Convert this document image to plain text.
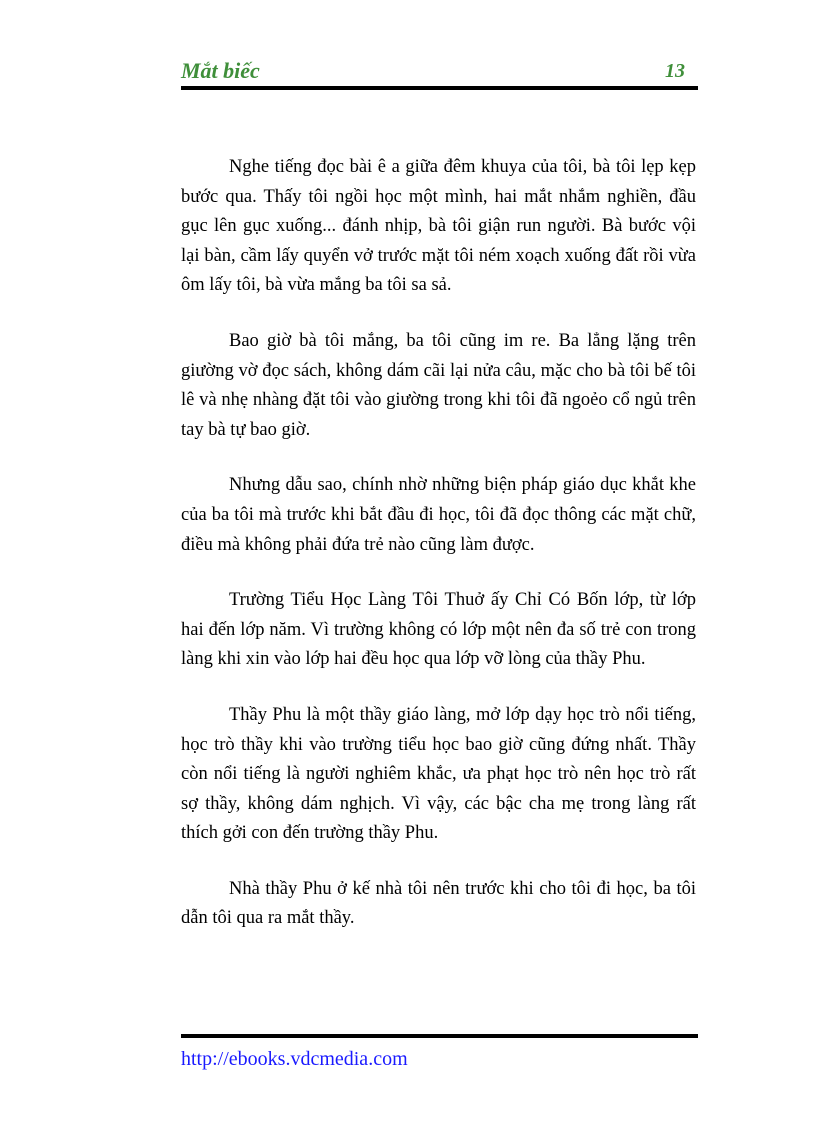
Mắt biếc	13

Nghe tiếng đọc bài ê a giữa đêm khuya của tôi, bà tôi lẹp kẹp bước qua. Thấy tôi ngồi học một mình, hai mắt nhắm nghiền, đầu gục lên gục xuống... đánh nhịp, bà tôi giận run người. Bà bước vội lại bàn, cầm lấy quyển vở trước mặt tôi ném xoạch xuống đất rồi vừa ôm lấy tôi, bà vừa mắng ba tôi sa sả.

Bao giờ bà tôi mắng, ba tôi cũng im re. Ba lẳng lặng trên giường vờ đọc sách, không dám cãi lại nửa câu, mặc cho bà tôi bế tôi lê và nhẹ nhàng đặt tôi vào giường trong khi tôi đã ngoẻo cổ ngủ trên tay bà tự bao giờ.

Nhưng dẫu sao, chính nhờ những biện pháp giáo dục khắt khe của ba tôi mà trước khi bắt đầu đi học, tôi đã đọc thông các mặt chữ, điều mà không phải đứa trẻ nào cũng làm được.

Trường Tiểu Học Làng Tôi Thuở ấy Chỉ Có Bốn lớp, từ lớp hai đến lớp năm. Vì trường không có lớp một nên đa số trẻ con trong làng khi xin vào lớp hai đều học qua lớp vỡ lòng của thầy Phu.

Thầy Phu là một thầy giáo làng, mở lớp dạy học trò nổi tiếng, học trò thầy khi vào trường tiểu học bao giờ cũng đứng nhất. Thầy còn nổi tiếng là người nghiêm khắc, ưa phạt học trò nên học trò rất sợ thầy, không dám nghịch. Vì vậy, các bậc cha mẹ trong làng rất thích gởi con đến trường thầy Phu.

Nhà thầy Phu ở kế nhà tôi nên trước khi cho tôi đi học, ba tôi dẫn tôi qua ra mắt thầy.

http://ebooks.vdcmedia.com
